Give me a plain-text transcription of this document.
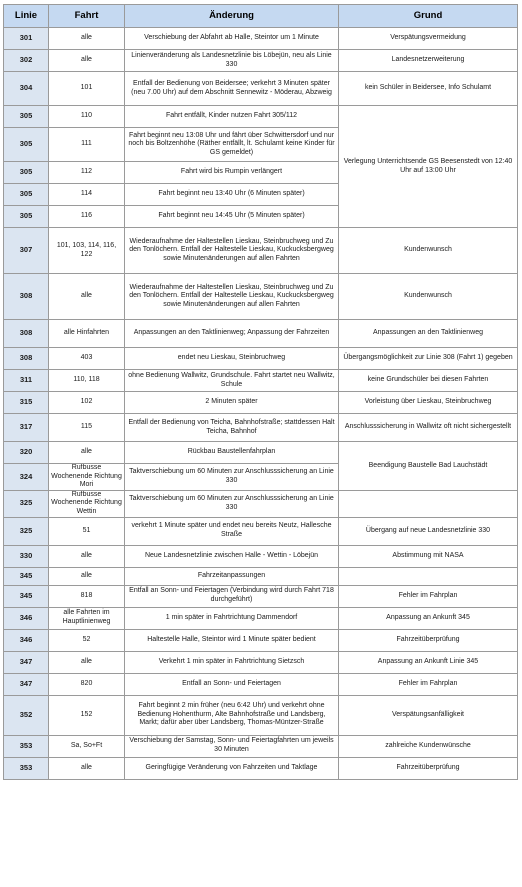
Linie	Fahrt	Änderung	Grund
301	alle	Verschiebung der Abfahrt ab Halle, Steintor um 1 Minute	Verspätungsvermeidung
302	alle	Linienveränderung als Landesnetzlinie bis Löbejün, neu als Linie 330	Landesnetzerweiterung
304	101	Entfall der Bedienung von Beidersee; verkehrt 3 Minuten später (neu 7.00 Uhr) auf dem Abschnitt Sennewitz - Möderau, Abzweig	kein Schüler in Beidersee, Info Schulamt
305	110	Fahrt entfällt, Kinder nutzen Fahrt 305/112	Verlegung Unterrichtsende GS Beesenstedt von 12:40 Uhr auf 13:00 Uhr
305	111	Fahrt beginnt neu 13:08 Uhr und fährt über Schwittersdorf und nur noch bis Boltzenhöhe (Räther entfällt, lt. Schulamt keine Kinder für GS gemeldet)	
305	112	Fahrt wird bis Rumpin verlängert	
305	114	Fahrt beginnt neu 13:40 Uhr (6 Minuten später)	
305	116	Fahrt beginnt neu 14:45 Uhr (5 Minuten später)	
307	101, 103, 114, 116, 122	Wiederaufnahme der Haltestellen Lieskau, Steinbruchweg und Zu den Tonlöchern. Entfall der Haltestelle Lieskau, Kuckucksbergweg sowie Minutenänderungen auf allen Fahrten	Kundenwunsch
308	alle	Wiederaufnahme der Haltestellen Lieskau, Steinbruchweg und Zu den Tonlöchern. Entfall der Haltestelle Lieskau, Kuckucksbergweg sowie Minutenänderungen auf allen Fahrten	Kundenwunsch
308	alle Hinfahrten	Anpassungen an den Taktlinienweg; Anpassung der Fahrzeiten	Anpassungen an den Taktlinienweg
308	403	endet neu Lieskau, Steinbruchweg	Übergangsmöglichkeit zur Linie 308 (Fahrt 1) gegeben
311	110, 118	ohne Bedienung Wallwitz, Grundschule. Fahrt startet neu Wallwitz, Schule	keine Grundschüler bei diesen Fahrten
315	102	2 Minuten später	Vorleistung über Lieskau, Steinbruchweg
317	115	Entfall der Bedienung von Teicha, Bahnhofstraße; stattdessen Halt Teicha, Bahnhof	Anschlusssicherung in Wallwitz oft nicht sichergestellt
320	alle	Rückbau Baustellenfahrplan	Beendigung Baustelle Bad Lauchstädt
324	Rufbusse Wochenende Richtung Mori	Taktverschiebung um 60 Minuten zur Anschlusssicherung an Linie 330	
325	Rufbusse Wochenende Richtung Wettin	Taktverschiebung um 60 Minuten zur Anschlusssicherung an Linie 330	
325	51	verkehrt 1 Minute später und endet neu bereits Neutz, Hallesche Straße	Übergang auf neue Landesnetzlinie 330
330	alle	Neue Landesnetzlinie zwischen Halle - Wettin - Löbejün	Abstimmung mit NASA
345	alle	Fahrzeitanpassungen	
345	818	Entfall an Sonn- und Feiertagen (Verbindung wird durch Fahrt 718 durchgeführt)	Fehler im Fahrplan
346	alle Fahrten im Hauptlinienweg	1 min später in Fahrtrichtung Dammendorf	Anpassung an Ankunft 345
346	52	Haltestelle Halle, Steintor wird 1 Minute später bedient	Fahrzeitüberprüfung
347	alle	Verkehrt 1 min später in Fahrtrichtung Sietzsch	Anpassung an Ankunft Linie 345
347	820	Entfall an Sonn- und Feiertagen	Fehler im Fahrplan
352	152	Fahrt beginnt 2 min früher (neu 6:42 Uhr) und verkehrt ohne Bedienung Hohenthurm, Alte Bahnhofstraße und Landsberg, Markt; dafür aber über Landsberg, Thomas-Müntzer-Straße	Verspätungsanfälligkeit
353	Sa, So+Ft	Verschiebung der Samstag, Sonn- und Feiertagfahrten um jeweils 30 Minuten	zahlreiche Kundenwünsche
353	alle	Geringfügige Veränderung von Fahrzeiten und Taktlage	Fahrzeitüberprüfung
